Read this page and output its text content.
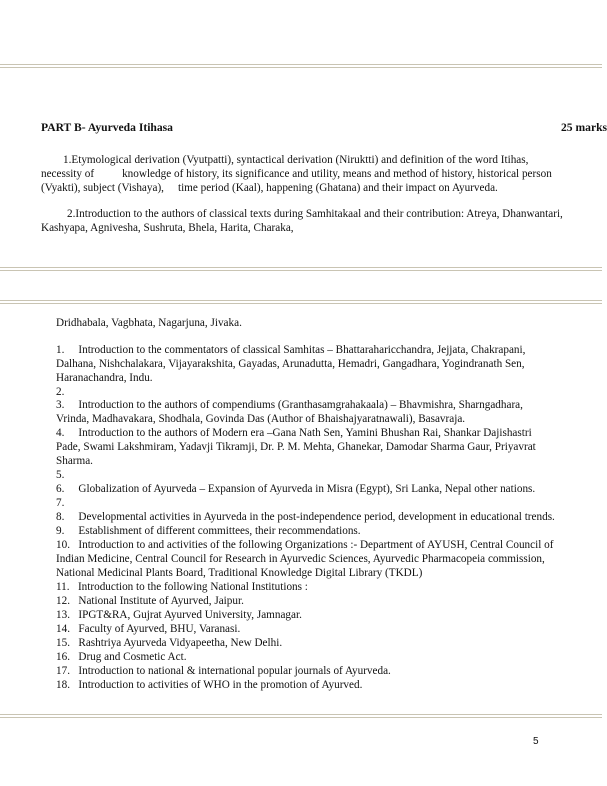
PART B- Ayurveda Itihasa	25 marks
1.Etymological derivation (Vyutpatti), syntactical derivation (Niruktti) and definition of the word Itihas,
necessity of          knowledge of history, its significance and utility, means and method of history, historical person
(Vyakti), subject (Vishaya),     time period (Kaal), happening (Ghatana) and their impact on Ayurveda.
2.Introduction to the authors of classical texts during Samhitakaal and their contribution: Atreya, Dhanwantari,
Kashyapa, Agnivesha, Sushruta, Bhela, Harita, Charaka,
Dridhabala, Vagbhata, Nagarjuna, Jivaka.
1.     Introduction to the commentators of classical Samhitas – Bhattaraharicchandra, Jejjata, Chakrapani,
Dalhana, Nishchalakara, Vijayarakshita, Gayadas, Arunadutta, Hemadri, Gangadhara, Yogindranath Sen,
Haranachandra, Indu.
2.
3.     Introduction to the authors of compendiums (Granthasamgrahakaala) – Bhavmishra, Sharngadhara,
Vrinda, Madhavakara, Shodhala, Govinda Das (Author of Bhaishajyaratnawali), Basavraja.
4.     Introduction to the authors of Modern era –Gana Nath Sen, Yamini Bhushan Rai, Shankar Dajishastri
Pade, Swami Lakshmiram, Yadavji Tikramji, Dr. P. M. Mehta, Ghanekar, Damodar Sharma Gaur, Priyavrat
Sharma.
5.
6.     Globalization of Ayurveda – Expansion of Ayurveda in Misra (Egypt), Sri Lanka, Nepal other nations.
7.
8.     Developmental activities in Ayurveda in the post-independence period, development in educational trends.
9.     Establishment of different committees, their recommendations.
10.   Introduction to and activities of the following Organizations :- Department of AYUSH, Central Council of
Indian Medicine, Central Council for Research in Ayurvedic Sciences, Ayurvedic Pharmacopeia commission,
National Medicinal Plants Board, Traditional Knowledge Digital Library (TKDL)
11.   Introduction to the following National Institutions :
12.   National Institute of Ayurved, Jaipur.
13.   IPGT&RA, Gujrat Ayurved University, Jamnagar.
14.   Faculty of Ayurved, BHU, Varanasi.
15.   Rashtriya Ayurveda Vidyapeetha, New Delhi.
16.   Drug and Cosmetic Act.
17.   Introduction to national & international popular journals of Ayurveda.
18.   Introduction to activities of WHO in the promotion of Ayurved.
5
